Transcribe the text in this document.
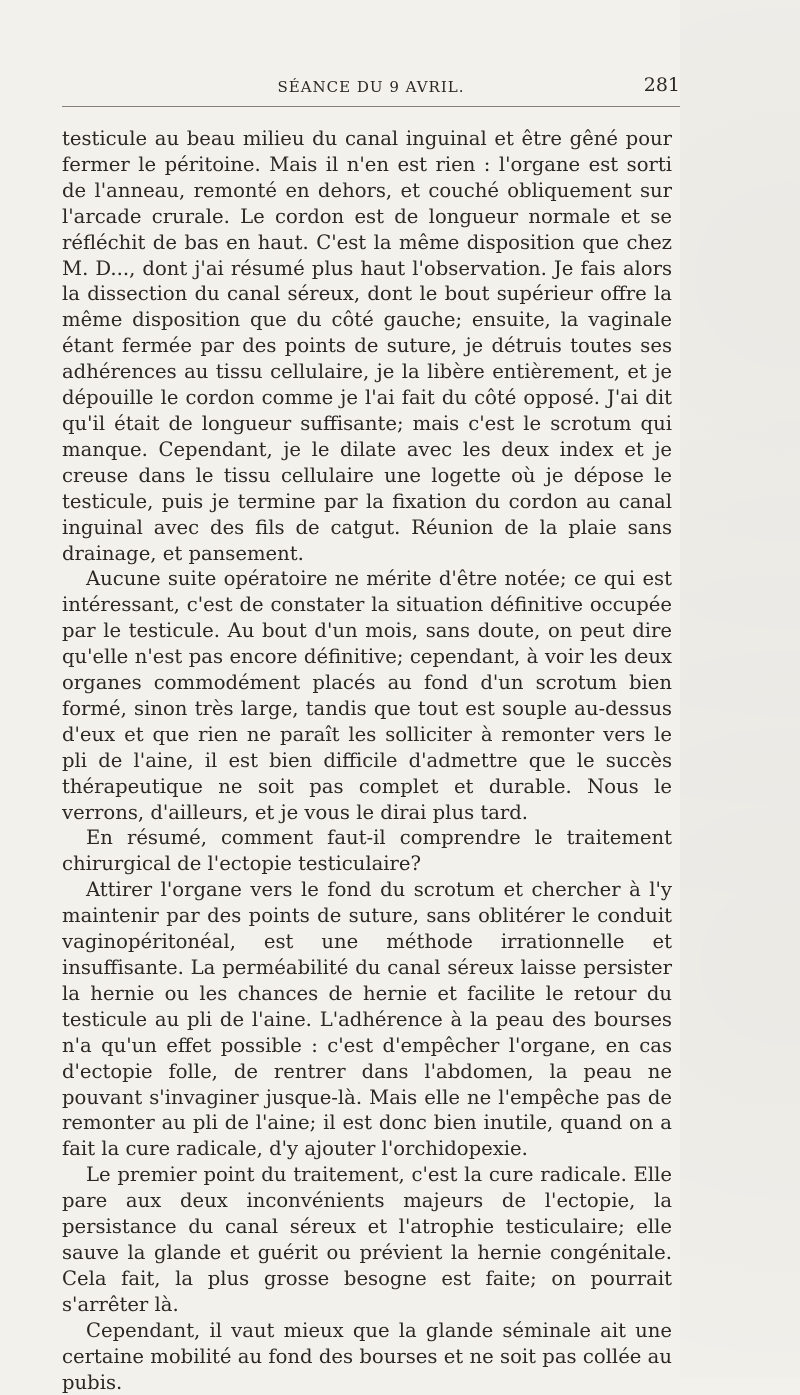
SÉANCE DU 9 AVRIL.	281

testicule au beau milieu du canal inguinal et être gêné pour fermer le péritoine. Mais il n'en est rien : l'organe est sorti de l'anneau, remonté en dehors, et couché obliquement sur l'arcade crurale. Le cordon est de longueur normale et se réfléchit de bas en haut. C'est la même disposition que chez M. D..., dont j'ai résumé plus haut l'observation. Je fais alors la dissection du canal séreux, dont le bout supérieur offre la même disposition que du côté gauche; ensuite, la vaginale étant fermée par des points de suture, je détruis toutes ses adhérences au tissu cellulaire, je la libère entièrement, et je dépouille le cordon comme je l'ai fait du côté opposé. J'ai dit qu'il était de longueur suffisante; mais c'est le scrotum qui manque. Cependant, je le dilate avec les deux index et je creuse dans le tissu cellulaire une logette où je dépose le testicule, puis je termine par la fixation du cordon au canal inguinal avec des fils de catgut. Réunion de la plaie sans drainage, et pansement.

Aucune suite opératoire ne mérite d'être notée; ce qui est intéressant, c'est de constater la situation définitive occupée par le testicule. Au bout d'un mois, sans doute, on peut dire qu'elle n'est pas encore définitive; cependant, à voir les deux organes commodément placés au fond d'un scrotum bien formé, sinon très large, tandis que tout est souple au-dessus d'eux et que rien ne paraît les solliciter à remonter vers le pli de l'aine, il est bien difficile d'admettre que le succès thérapeutique ne soit pas complet et durable. Nous le verrons, d'ailleurs, et je vous le dirai plus tard.

En résumé, comment faut-il comprendre le traitement chirurgical de l'ectopie testiculaire?

Attirer l'organe vers le fond du scrotum et chercher à l'y maintenir par des points de suture, sans oblitérer le conduit vaginopéritonéal, est une méthode irrationnelle et insuffisante. La perméabilité du canal séreux laisse persister la hernie ou les chances de hernie et facilite le retour du testicule au pli de l'aine. L'adhérence à la peau des bourses n'a qu'un effet possible : c'est d'empêcher l'organe, en cas d'ectopie folle, de rentrer dans l'abdomen, la peau ne pouvant s'invaginer jusque-là. Mais elle ne l'empêche pas de remonter au pli de l'aine; il est donc bien inutile, quand on a fait la cure radicale, d'y ajouter l'orchidopexie.

Le premier point du traitement, c'est la cure radicale. Elle pare aux deux inconvénients majeurs de l'ectopie, la persistance du canal séreux et l'atrophie testiculaire; elle sauve la glande et guérit ou prévient la hernie congénitale. Cela fait, la plus grosse besogne est faite; on pourrait s'arrêter là.

Cependant, il vaut mieux que la glande séminale ait une certaine mobilité au fond des bourses et ne soit pas collée au pubis.
